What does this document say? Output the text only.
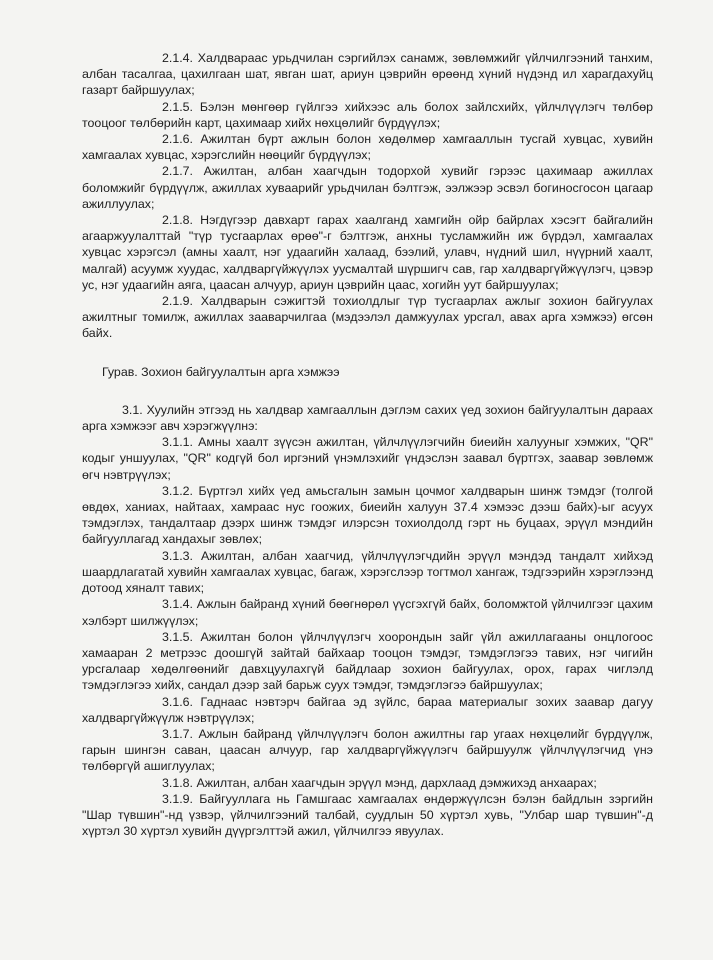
2.1.4. Халдвараас урьдчилан сэргийлэх санамж, зөвлөмжийг үйлчилгээний танхим, албан тасалгаа, цахилгаан шат, явган шат, ариун цэврийн өрөөнд хүний нүдэнд ил харагдахуйц газарт байршуулах;

2.1.5. Бэлэн мөнгөөр гүйлгээ хийхээс аль болох зайлсхийх, үйлчлүүлэгч төлбөр тооцоог төлбөрийн карт, цахимаар хийх нөхцөлийг бүрдүүлэх;

2.1.6. Ажилтан бүрт ажлын болон хөдөлмөр хамгааллын тусгай хувцас, хувийн хамгаалах хувцас, хэрэгслийн нөөцийг бүрдүүлэх;

2.1.7. Ажилтан, албан хаагчдын тодорхой хувийг гэрээс цахимаар ажиллах боломжийг бүрдүүлж, ажиллах хуваарийг урьдчилан бэлтгэж, ээлжээр эсвэл богиносгосон цагаар ажиллуулах;

2.1.8. Нэгдүгээр давхарт гарах хаалганд хамгийн ойр байрлах хэсэгт байгалийн агааржуулалттай "түр тусгаарлах өрөө"-г бэлтгэж, анхны тусламжийн иж бүрдэл, хамгаалах хувцас хэрэгсэл (амны хаалт, нэг удаагийн халаад, бээлий, улавч, нүдний шил, нүүрний хаалт, малгай) асуумж хуудас, халдваргүйжүүлэх уусмалтай шүршигч сав, гар халдваргүйжүүлэгч, цэвэр ус, нэг удаагийн аяга, цаасан алчуур, ариун цэврийн цаас, хогийн уут байршуулах;

2.1.9. Халдварын сэжигтэй тохиолдлыг түр тусгаарлах ажлыг зохион байгуулах ажилтныг томилж, ажиллах зааварчилгаа (мэдээлэл дамжуулах урсгал, авах арга хэмжээ) өгсөн байх.

Гурав. Зохион байгуулалтын арга хэмжээ

3.1. Хуулийн этгээд нь халдвар хамгааллын дэглэм сахих үед зохион байгуулалтын дараах арга хэмжээг авч хэрэгжүүлнэ:

3.1.1. Амны хаалт зүүсэн ажилтан, үйлчлүүлэгчийн биеийн халууныг хэмжих, "QR" кодыг уншуулах, "QR" кодгүй бол иргэний үнэмлэхийг үндэслэн заавал бүртгэх, заавар зөвлөмж өгч нэвтрүүлэх;

3.1.2. Бүртгэл хийх үед амьсгалын замын цочмог халдварын шинж тэмдэг (толгой өвдөх, ханиах, найтаах, хамраас нус гоожих, биеийн халуун 37.4 хэмээс дээш байх)-ыг асуух тэмдэглэх, тандалтаар дээрх шинж тэмдэг илэрсэн тохиолдолд гэрт нь буцаах, эрүүл мэндийн байгууллагад хандахыг зөвлөх;

3.1.3. Ажилтан, албан хаагчид, үйлчлүүлэгчдийн эрүүл мэндэд тандалт хийхэд шаардлагатай хувийн хамгаалах хувцас, багаж, хэрэгслээр тогтмол хангаж, тэдгээрийн хэрэглээнд дотоод хяналт тавих;

3.1.4. Ажлын байранд хүний бөөгнөрөл үүсгэхгүй байх, боломжтой үйлчилгээг цахим хэлбэрт шилжүүлэх;

3.1.5. Ажилтан болон үйлчлүүлэгч хоорондын зайг үйл ажиллагааны онцлогоос хамааран 2 метрээс доошгүй зайтай байхаар тооцон тэмдэг, тэмдэглэгээ тавих, нэг чигийн урсгалаар хөдөлгөөнийг давхцуулахгүй байдлаар зохион байгуулах, орох, гарах чиглэлд тэмдэглэгээ хийх, сандал дээр зай барьж суух тэмдэг, тэмдэглэгээ байршуулах;

3.1.6. Гаднаас нэвтэрч байгаа эд зүйлс, бараа материалыг зохих заавар дагуу халдваргүйжүүлж нэвтрүүлэх;

3.1.7. Ажлын байранд үйлчлүүлэгч болон ажилтны гар угаах нөхцөлийг бүрдүүлж, гарын шингэн саван, цаасан алчуур, гар халдваргүйжүүлэгч байршуулж үйлчлүүлэгчид үнэ төлбөргүй ашиглуулах;

3.1.8. Ажилтан, албан хаагчдын эрүүл мэнд, дархлаад дэмжихэд анхаарах;

3.1.9. Байгууллага нь Гамшгаас хамгаалах өндөржүүлсэн бэлэн байдлын зэргийн "Шар түвшин"-нд үзвэр, үйлчилгээний талбай, суудлын 50 хүртэл хувь, "Улбар шар түвшин"-д хүртэл 30 хүртэл хувийн дүүргэлттэй ажил, үйлчилгээ явуулах.
